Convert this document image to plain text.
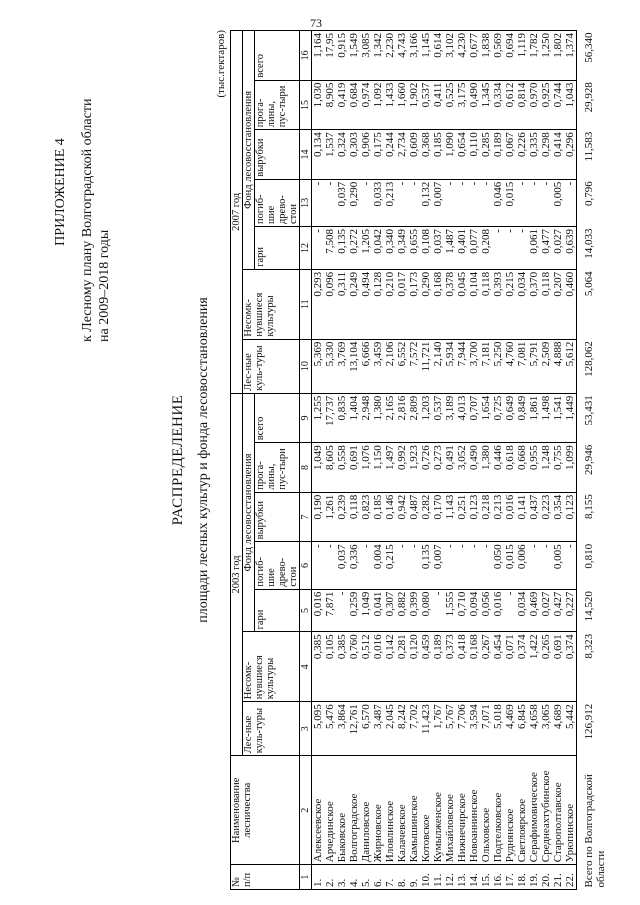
73
ПРИЛОЖЕНИЕ 4 к Лесному плану Волгоградской области на 2009–2018 годы
РАСПРЕДЕЛЕНИЕ площади лесных культур и фонда лесовосстановления
(тыс.гектаров)
№ п/п	Наименование лесничества	2003 год							2007 год						
		Лес-ные куль-туры	Несомк-нувшиеся культуры	Фонд лесовосстановления					Лес-ные куль-туры	Несомк-нувшиеся культуры	Фонд лесовосстановления				
				гари	погиб-шие древо-стои	вырубки	прога-лины, пус-тыри	всего			гари	погиб-шие древо-стои	вырубки	прога-лины, пус-тыри	всего
1	2	3	4	5	6	7	8	9	10	11	12	13	14	15	16
1.	Алексеевское	5,095	0,385	0,016	-	0,190	1,049	1,255	5,369	0,293	-	-	0,134	1,030	1,164
2.	Арчединское	5,476	0,105	7,871	-	1,261	8,605	17,737	5,330	0,096	7,508	-	1,537	8,905	17,95
3.	Быковское	3,864	0,385	-	0,037	0,239	0,558	0,835	3,769	0,311	0,135	0,037	0,324	0,419	0,915
4.	Волгоградское	12,761	0,760	0,259	0,336	0,118	0,691	1,404	13,104	0,249	0,272	0,290	0,303	0,684	1,549
5.	Даниловское	6,570	0,512	1,049	-	0,823	1,076	2,948	6,666	0,494	1,205	-	0,906	0,974	3,085
6.	Жирновское	3,487	0,016	0,041	0,004	0,185	1,150	1,380	3,459	0,128	0,042	0,033	0,175	1,092	1,342
7.	Иловлинское	2,045	0,142	0,307	0,215	0,146	1,497	2,165	2,106	0,210	0,340	0,213	0,244	1,433	2,230
8.	Калачевское	8,242	0,281	0,882	-	0,942	0,992	2,816	6,552	0,017	0,349	-	2,734	1,660	4,743
9.	Камышинское	7,702	0,120	0,399	-	0,487	1,923	2,809	7,572	0,173	0,655	-	0,609	1,902	3,166
10.	Котовское	11,423	0,459	0,080	0,135	0,282	0,726	1,203	11,721	0,290	0,108	0,132	0,368	0,537	1,145
11.	Кумылженское	1,767	0,189	-	0,007	0,170	0,273	0,537	2,140	0,168	0,037	0,007	0,185	0,411	0,614
12.	Михайловское	5,767	0,373	1,555	-	1,143	0,491	3,189	5,934	0,378	1,487	-	1,090	0,525	3,102
13.	Нижнечирское	7,706	0,418	0,710	-	0,251	3,052	4,013	7,944	0,045	0,401	-	0,654	3,175	4,230
14.	Новоаннинское	3,594	0,168	0,094	-	0,123	0,490	0,707	3,700	0,104	0,077	-	0,110	0,490	0,677
15.	Ольховское	7,071	0,267	0,056	-	0,218	1,380	1,654	7,181	0,118	0,208	-	0,285	1,345	1,838
16.	Подтелковское	5,018	0,454	0,016	0,050	0,213	0,446	0,725	5,250	0,393	-	0,046	0,189	0,334	0,569
17.	Руднянское	4,469	0,071	-	0,015	0,016	0,618	0,649	4,760	0,215	-	0,015	0,067	0,612	0,694
18.	Светлоярское	6,845	0,374	0,034	0,006	0,141	0,668	0,849	7,081	0,034	-	-	0,226	0,814	1,119
19.	Серафимовическое	4,658	1,422	0,469	-	0,437	0,955	1,861	5,791	0,370	0,061	-	0,335	0,970	1,782
20.	Среднеахтубинское	3,065	0,265	0,027	-	0,223	1,248	1,498	2,509	0,118	0,477	-	0,298	0,925	1,250
21.	Старополтавское	4,689	0,691	0,427	0,005	0,354	0,755	1,541	4,888	0,207	0,027	0,005	0,414	0,744	1,802
22.	Урюпинское	5,442	0,374	0,227	-	0,123	1,099	1,449	5,612	0,460	0,639	-	0,296	1,043	1,374
Всего по Волгоградской области		126,912	8,323	14,520	0,810	8,155	29,946	53,431	128,062	5,064	14,033	0,796	11,583	29,928	56,340
